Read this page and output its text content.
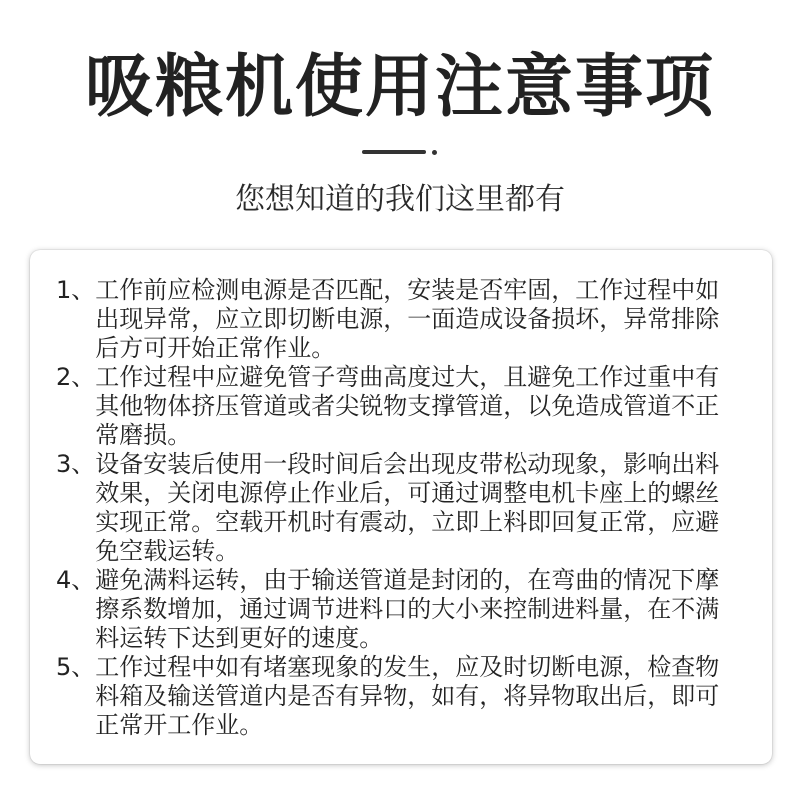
吸粮机使用注意事项

您想知道的我们这里都有

1、 工作前应检测电源是否匹配，安装是否牢固，工作过程中如出现异常，应立即切断电源，一面造成设备损坏，异常排除后方可开始正常作业。
2、 工作过程中应避免管子弯曲高度过大，且避免工作过重中有其他物体挤压管道或者尖锐物支撑管道，以免造成管道不正常磨损。
3、 设备安装后使用一段时间后会出现皮带松动现象，影响出料效果，关闭电源停止作业后，可通过调整电机卡座上的螺丝实现正常。空载开机时有震动，立即上料即回复正常，应避免空载运转。
4、 避免满料运转，由于输送管道是封闭的，在弯曲的情况下摩擦系数增加，通过调节进料口的大小来控制进料量，在不满料运转下达到更好的速度。
5、 工作过程中如有堵塞现象的发生，应及时切断电源，检查物料箱及输送管道内是否有异物，如有，将异物取出后，即可正常开工作业。
